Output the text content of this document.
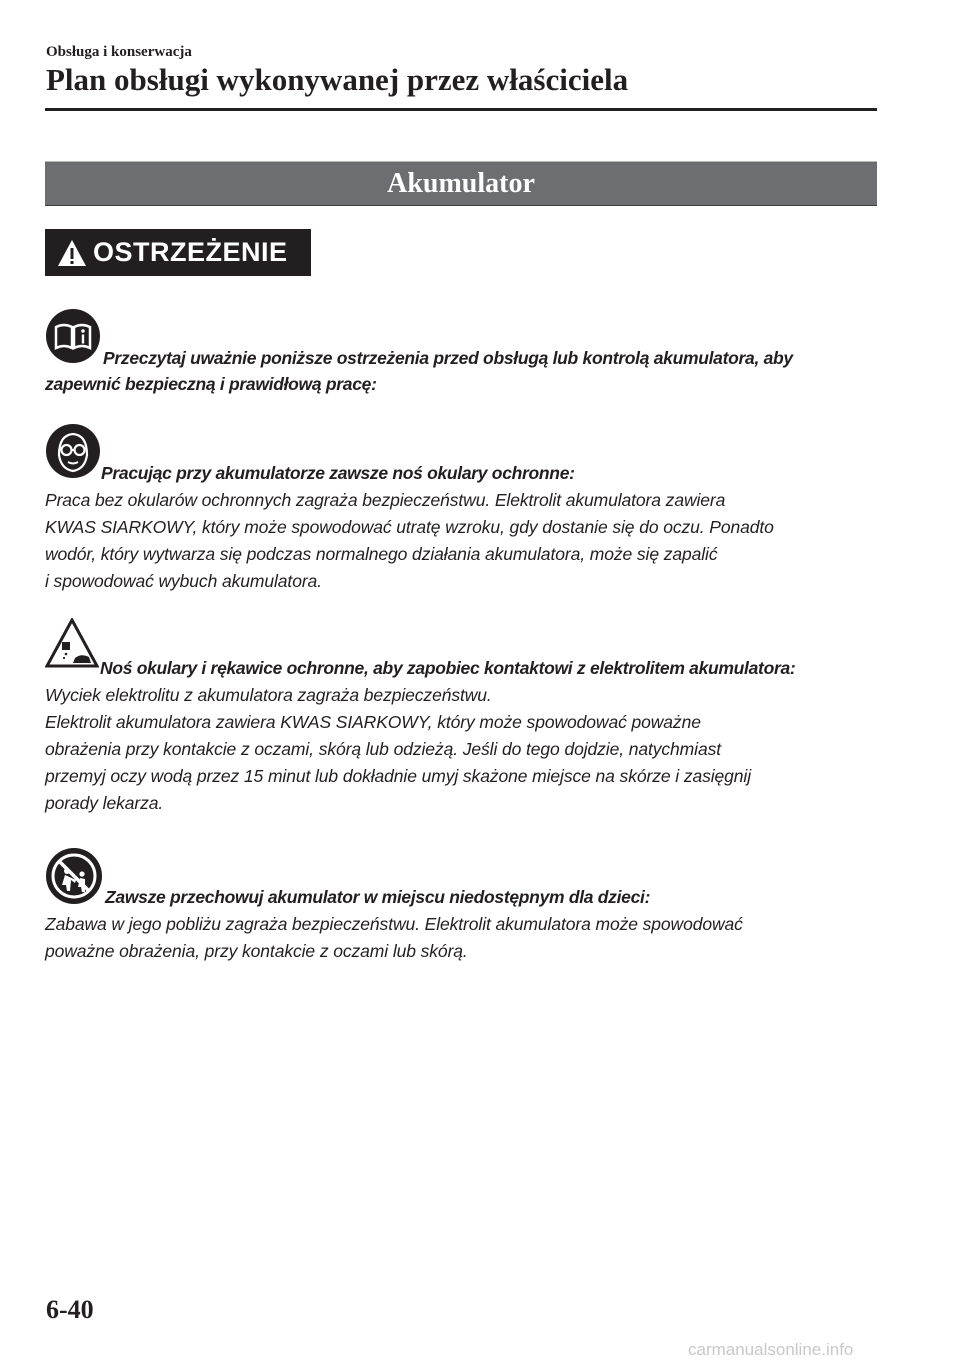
Obsługa i konserwacja
Plan obsługi wykonywanej przez właściciela
Akumulator
OSTRZEŻENIE
Przeczytaj uważnie poniższe ostrzeżenia przed obsługą lub kontrolą akumulatora, aby
zapewnić bezpieczną i prawidłową pracę:
Pracując przy akumulatorze zawsze noś okulary ochronne:
Praca bez okularów ochronnych zagraża bezpieczeństwu. Elektrolit akumulatora zawiera
KWAS SIARKOWY, który może spowodować utratę wzroku, gdy dostanie się do oczu. Ponadto
wodór, który wytwarza się podczas normalnego działania akumulatora, może się zapalić
i spowodować wybuch akumulatora.
Noś okulary i rękawice ochronne, aby zapobiec kontaktowi z elektrolitem akumulatora:
Wyciek elektrolitu z akumulatora zagraża bezpieczeństwu.
Elektrolit akumulatora zawiera KWAS SIARKOWY, który może spowodować poważne
obrażenia przy kontakcie z oczami, skórą lub odzieżą. Jeśli do tego dojdzie, natychmiast
przemyj oczy wodą przez 15 minut lub dokładnie umyj skażone miejsce na skórze i zasięgnij
porady lekarza.
Zawsze przechowuj akumulator w miejscu niedostępnym dla dzieci:
Zabawa w jego pobliżu zagraża bezpieczeństwu. Elektrolit akumulatora może spowodować
poważne obrażenia, przy kontakcie z oczami lub skórą.
6-40
carmanualsonline.info
